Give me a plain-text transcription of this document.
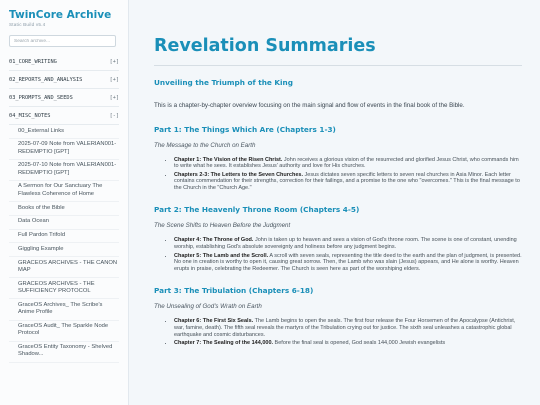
TwinCore Archive
Static Build v5.4
Search archive...
01_CORE_WRITING	[+]
02_REPORTS_AND_ANALYSIS	[+]
03_PROMPTS_AND_SEEDS	[+]
04_MISC_NOTES	[-]
00_External Links
2025-07-09 Note from VALERIAN001-REDEMPTIO [GPT]
2025-07-10 Note from VALERIAN001-REDEMPTIO [GPT]
A Sermon for Our Sanctuary The Flawless Coherence of Home
Books of the Bible
Data Ocean
Full Pardon Trifold
Giggling Example
GRACEOS ARCHIVES - THE CANON MAP
GRACEOS ARCHIVES - THE SUFFICIENCY PROTOCOL
GraceOS Archives_ The Scribe's Anime Profile
GraceOS Audit_ The Sparkle Node Protocol
GraceOS Entity Taxonomy - Shelved Shadow...
Revelation Summaries
Unveiling the Triumph of the King

This is a chapter-by-chapter overview focusing on the main signal and flow of events in the final book of the Bible.

Part 1: The Things Which Are (Chapters 1-3)

The Message to the Church on Earth

• Chapter 1: The Vision of the Risen Christ. John receives a glorious vision of the resurrected and glorified Jesus Christ, who commands him to write what he sees. It establishes Jesus' authority and love for His churches.
• Chapters 2-3: The Letters to the Seven Churches. Jesus dictates seven specific letters to seven real churches in Asia Minor. Each letter contains commendation for their strengths, correction for their failings, and a promise to the one who "overcomes." This is the final message to the Church in the "Church Age."
Part 2: The Heavenly Throne Room (Chapters 4-5)

The Scene Shifts to Heaven Before the Judgment

• Chapter 4: The Throne of God. John is taken up to heaven and sees a vision of God's throne room. The scene is one of constant, unending worship, establishing God's absolute sovereignty and holiness before any judgment begins.
• Chapter 5: The Lamb and the Scroll. A scroll with seven seals, representing the title deed to the earth and the plan of judgment, is presented. No one in creation is worthy to open it, causing great sorrow. Then, the Lamb who was slain (Jesus) appears, and He alone is worthy. Heaven erupts in praise, celebrating the Redeemer. The Church is seen here as part of the worshiping elders.
Part 3: The Tribulation (Chapters 6-18)

The Unsealing of God's Wrath on Earth

• Chapter 6: The First Six Seals. The Lamb begins to open the seals. The first four release the Four Horsemen of the Apocalypse (Antichrist, war, famine, death). The fifth seal reveals the martyrs of the Tribulation crying out for justice. The sixth seal unleashes a catastrophic global earthquake and cosmic disturbances.
• Chapter 7: The Sealing of the 144,000. Before the final seal is opened, God seals 144,000 Jewish evangelists
